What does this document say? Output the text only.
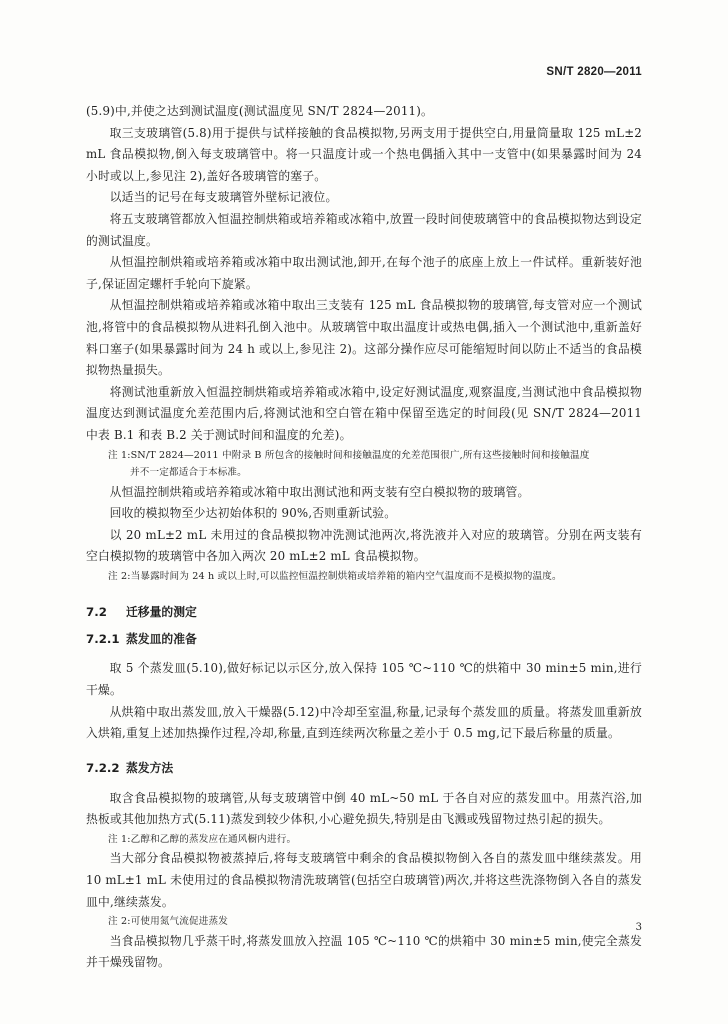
SN/T 2820—2011

(5.9)中,并使之达到测试温度(测试温度见 SN/T 2824—2011)。

取三支玻璃管(5.8)用于提供与试样接触的食品模拟物,另两支用于提供空白,用量筒量取 125 mL±2 mL 食品模拟物,倒入每支玻璃管中。将一只温度计或一个热电偶插入其中一支管中(如果暴露时间为 24 小时或以上,参见注 2),盖好各玻璃管的塞子。

以适当的记号在每支玻璃管外壁标记液位。

将五支玻璃管都放入恒温控制烘箱或培养箱或冰箱中,放置一段时间使玻璃管中的食品模拟物达到设定的测试温度。

从恒温控制烘箱或培养箱或冰箱中取出测试池,卸开,在每个池子的底座上放上一件试样。重新装好池子,保证固定螺杆手轮向下旋紧。

从恒温控制烘箱或培养箱或冰箱中取出三支装有 125 mL 食品模拟物的玻璃管,每支管对应一个测试池,将管中的食品模拟物从进料孔倒入池中。从玻璃管中取出温度计或热电偶,插入一个测试池中,重新盖好料口塞子(如果暴露时间为 24 h 或以上,参见注 2)。这部分操作应尽可能缩短时间以防止不适当的食品模拟物热量损失。

将测试池重新放入恒温控制烘箱或培养箱或冰箱中,设定好测试温度,观察温度,当测试池中食品模拟物温度达到测试温度允差范围内后,将测试池和空白管在箱中保留至选定的时间段(见 SN/T 2824—2011 中表 B.1 和表 B.2 关于测试时间和温度的允差)。

注 1:SN/T 2824—2011 中附录 B 所包含的接触时间和接触温度的允差范围很广,所有这些接触时间和接触温度
并不一定都适合于本标准。

从恒温控制烘箱或培养箱或冰箱中取出测试池和两支装有空白模拟物的玻璃管。

回收的模拟物至少达初始体积的 90%,否则重新试验。

以 20 mL±2 mL 未用过的食品模拟物冲洗测试池两次,将洗液并入对应的玻璃管。分别在两支装有空白模拟物的玻璃管中各加入两次 20 mL±2 mL 食品模拟物。

注 2:当暴露时间为 24 h 或以上时,可以监控恒温控制烘箱或培养箱的箱内空气温度而不是模拟物的温度。
7.2 迁移量的测定
7.2.1 蒸发皿的准备

取 5 个蒸发皿(5.10),做好标记以示区分,放入保持 105 ℃~110 ℃的烘箱中 30 min±5 min,进行干燥。

从烘箱中取出蒸发皿,放入干燥器(5.12)中冷却至室温,称量,记录每个蒸发皿的质量。将蒸发皿重新放入烘箱,重复上述加热操作过程,冷却,称量,直到连续两次称量之差小于 0.5 mg,记下最后称量的质量。

7.2.2 蒸发方法

取含食品模拟物的玻璃管,从每支玻璃管中倒 40 mL~50 mL 于各自对应的蒸发皿中。用蒸汽浴,加热板或其他加热方式(5.11)蒸发到较少体积,小心避免损失,特别是由飞溅或残留物过热引起的损失。

注 1:乙醇和乙醇的蒸发应在通风橱内进行。

当大部分食品模拟物被蒸掉后,将每支玻璃管中剩余的食品模拟物倒入各自的蒸发皿中继续蒸发。用 10 mL±1 mL 未使用过的食品模拟物清洗玻璃管(包括空白玻璃管)两次,并将这些洗涤物倒入各自的蒸发皿中,继续蒸发。

注 2:可使用氮气流促进蒸发

当食品模拟物几乎蒸干时,将蒸发皿放入控温 105 ℃~110 ℃的烘箱中 30 min±5 min,使完全蒸发并干燥残留物。

3
